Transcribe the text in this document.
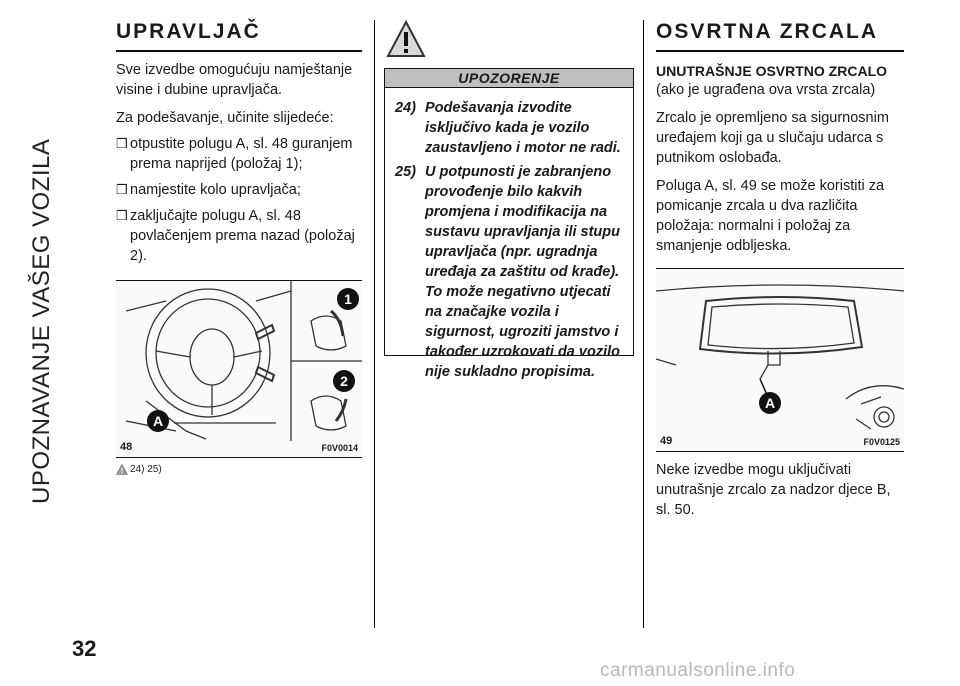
UPOZNAVANJE VAŠEG VOZILA
32
UPRAVLJAČ

Sve izvedbe omogućuju namještanje visine i dubine upravljača.

Za podešavanje, učinite slijedeće:

❒ otpustite polugu A, sl. 48 guranjem prema naprijed (položaj 1);
❒ namjestite kolo upravljača;
❒ zaključajte polugu A, sl. 48 povlačenjem prema nazad (položaj 2).
1
2
A
48	F0V0014
24) 25)
UPOZORENJE
24) Podešavanja izvodite isključivo kada je vozilo zaustavljeno i motor ne radi.
25) U potpunosti je zabranjeno provođenje bilo kakvih promjena i modifikacija na sustavu upravljanja ili stupu upravljača (npr. ugradnja uređaja za zaštitu od krađe). To može negativno utjecati na značajke vozila i sigurnost, ugroziti jamstvo i također uzrokovati da vozilo nije sukladno propisima.
OSVRTNA ZRCALA
UNUTRAŠNJE OSVRTNO ZRCALO

(ako je ugrađena ova vrsta zrcala)

Zrcalo je opremljeno sa sigurnosnim uređajem koji ga u slučaju udarca s putnikom oslobađa.

Poluga A, sl. 49 se može koristiti za pomicanje zrcala u dva različita položaja: normalni i položaj za smanjenje odbljeska.

A
49	F0V0125

Neke izvedbe mogu uključivati unutrašnje zrcalo za nadzor djece B, sl. 50.

carmanualsonline.info
